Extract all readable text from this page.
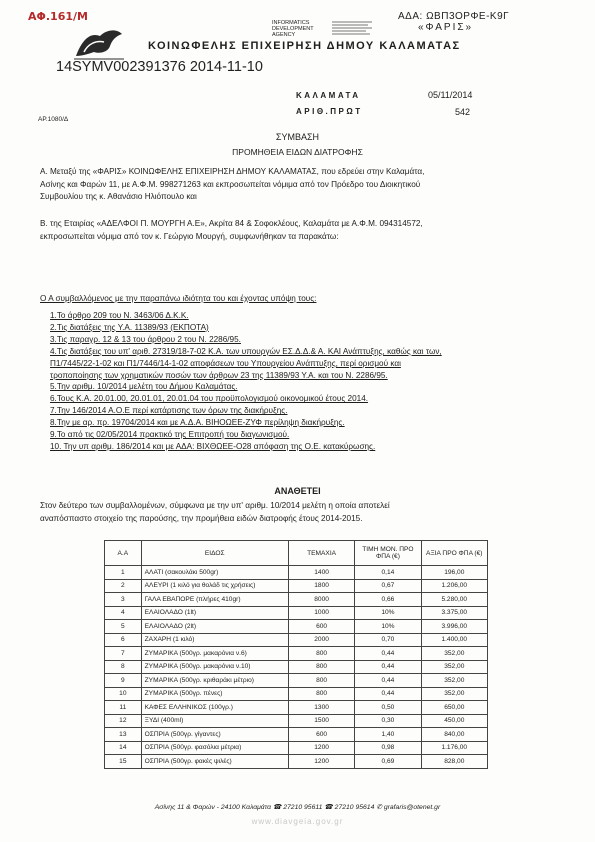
ΑΦ.161/Μ	ΑΔΑ: ΩΒΠ3ΟΡΦΕ-Κ9Γ
«ΦΑΡΙΣ»
INFORMATICS DEVELOPMENT AGENCY
ΚΟΙΝΩΦΕΛΗΣ ΕΠΙΧΕΙΡΗΣΗ ΔΗΜΟΥ ΚΑΛΑΜΑΤΑΣ
14SYMV002391376 2014-11-10
ΚΑΛΑΜΑΤΑ	05/11/2014
ΑΡΙΘ.ΠΡΩΤ	542
ΑΡ.1080/Δ
ΣΥΜΒΑΣΗ
ΠΡΟΜΗΘΕΙΑ ΕΙΔΩΝ ΔΙΑΤΡΟΦΗΣ
Α. Μεταξύ της «ΦΑΡΙΣ» ΚΟΙΝΩΦΕΛΗΣ ΕΠΙΧΕΙΡΗΣΗ ΔΗΜΟΥ ΚΑΛΑΜΑΤΑΣ, που εδρεύει στην Καλαμάτα,
Ασίνης και Φαρών 11, με Α.Φ.Μ. 998271263 και εκπροσωπείται νόμιμα από τον Πρόεδρο του Διοικητικού
Συμβουλίου της κ. Αθανάσιο Ηλιόπουλο και
Β. της Εταιρίας «ΑΔΕΛΦΟΙ Π. ΜΟΥΡΓΗ Α.Ε», Ακρίτα 84 & Σοφοκλέους, Καλαμάτα με Α.Φ.Μ. 094314572,
εκπροσωπείται νόμιμα από τον κ. Γεώργιο Μουργή, συμφωνήθηκαν τα παρακάτω:
Ο Α συμβαλλόμενος με την παραπάνω ιδιότητα του και έχοντας υπόψη τους:
1.Το άρθρο 209 του Ν. 3463/06 Δ.Κ.Κ.
2.Τις διατάξεις της Υ.Α. 11389/93 (ΕΚΠΟΤΑ)
3.Τις παραγρ. 12 & 13 του άρθρου 2 του Ν. 2286/95.
4.Τις διατάξεις του υπ' αριθ. 27319/18-7-02 Κ.Α. των υπουργών ΕΣ.Δ.Δ.& Α. ΚΑΙ Ανάπτυξης, καθώς και των,
Π1/7445/22-1-02 και Π1/7446/14-1-02 αποφάσεων του Υπουργείου Ανάπτυξης, περί ορισμού και
τροποποίησης των χρηματικών ποσών των άρθρων 23 της 11389/93 Υ.Α. και του Ν. 2286/95.
5.Την αριθμ. 10/2014 μελέτη του Δήμου Καλαμάτας.
6.Τους Κ.Α. 20.01.00, 20.01.01, 20.01.04 του προϋπολογισμού οικονομικού έτους 2014.
7.Την 146/2014 Α.Ο.Ε περί κατάρτισης των όρων της διακήρυξης.
8.Την με αρ. πρ. 19704/2014 και με Α.Δ.Α. ΒΙΗΟΩΕΕ-ΖΥΦ περίληψη διακήρυξης.
9.Το από τις 02/05/2014 πρακτικό της Επιτροπή του διαγωνισμού.
10. Την υπ αριθμ. 186/2014 και με ΑΔΑ: ΒΙΧΘΩΕΕ-Ο28 απόφαση της Ο.Ε. κατακύρωσης.
ΑΝΑΘΕΤΕΙ
Στον δεύτερο των συμβαλλομένων, σύμφωνα με την υπ' αριθμ. 10/2014 μελέτη η οποία αποτελεί
αναπόσπαστο στοιχείο της παρούσης, την προμήθεια ειδών διατροφής έτους 2014-2015.
Α.Α	ΕΙΔΟΣ	ΤΕΜΑΧΙΑ	ΤΙΜΗ ΜΟΝ. ΠΡΟ ΦΠΑ (€)	ΑΞΙΑ ΠΡΟ ΦΠΑ (€)
1	ΑΛΑΤΙ (σακουλάκι 500gr)	1400	0,14	196,00
2	ΑΛΕΥΡΙ (1 κιλό για θολάδ τις χρήσεις)	1800	0,67	1.206,00
3	ΓΑΛΑ ΕΒΑΠΟΡΕ (πλήρες 410gr)	8000	0,66	5.280,00
4	ΕΛΑΙΟΛΑΔΟ (1lt)	1000	10%	3.375,00
5	ΕΛΑΙΟΛΑΔΟ (2lt)	600	10%	3.996,00
6	ΖΑΧΑΡΗ (1 κιλό)	2000	0,70	1.400,00
7	ΖΥΜΑΡΙΚΑ (500γρ. μακαρόνια ν.6)	800	0,44	352,00
8	ΖΥΜΑΡΙΚΑ (500γρ. μακαρόνια ν.10)	800	0,44	352,00
9	ΖΥΜΑΡΙΚΑ (500γρ. κριθαράκι μέτριο)	800	0,44	352,00
10	ΖΥΜΑΡΙΚΑ (500γρ. πένες)	800	0,44	352,00
11	ΚΑΦΕΣ ΕΛΛΗΝΙΚΟΣ (100γρ.)	1300	0,50	650,00
12	ΞΥΔΙ (400ml)	1500	0,30	450,00
13	ΟΣΠΡΙΑ (500γρ. γίγαντες)	600	1,40	840,00
14	ΟΣΠΡΙΑ (500γρ. φασόλια μέτρια)	1200	0,98	1.176,00
15	ΟΣΠΡΙΑ (500γρ. φακές ψιλές)	1200	0,69	828,00
Ασίνης 11 & Φαρών - 24100 Καλαμάτα ☎ 27210 95611 ☎ 27210 95614 ✆ grafaris@otenet.gr
www.diavgeia.gov.gr
